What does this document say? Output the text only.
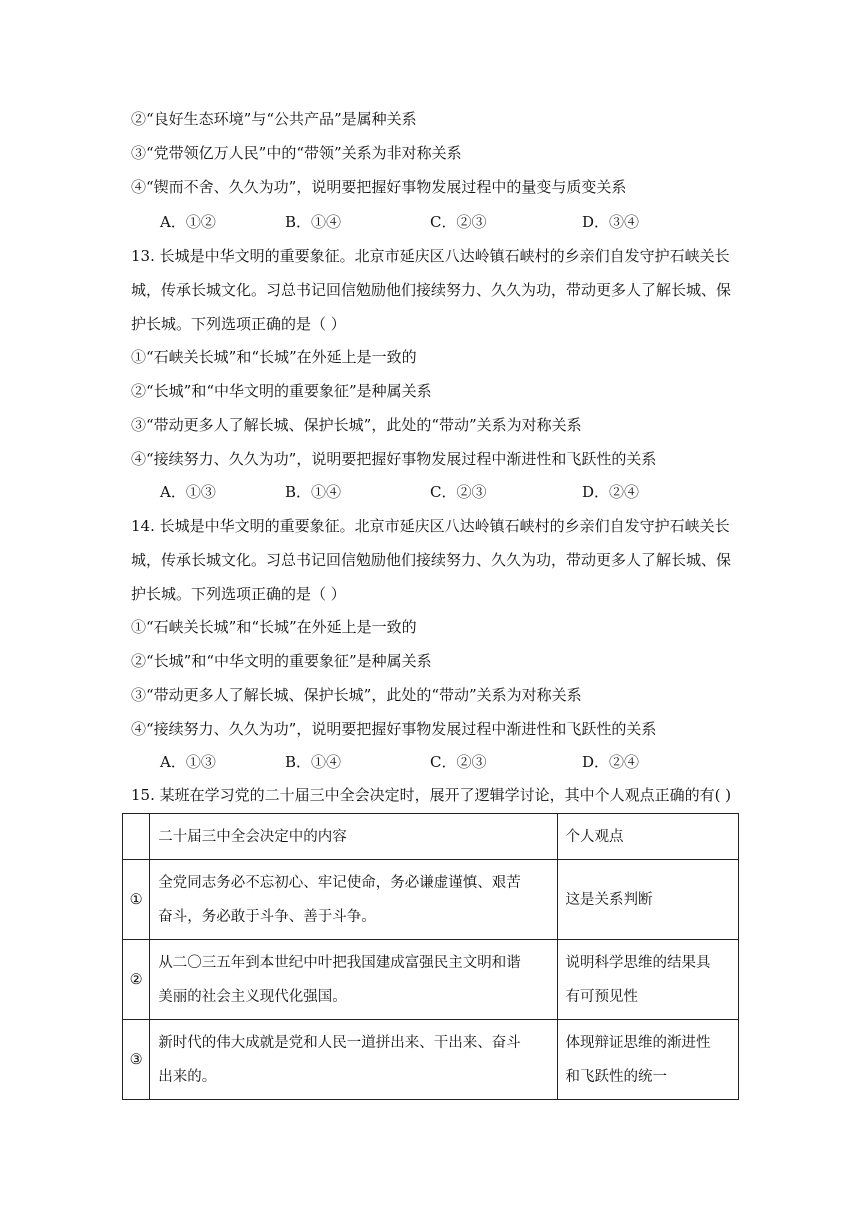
②“良好生态环境”与“公共产品”是属种关系
③“党带领亿万人民”中的“带领”关系为非对称关系
④“锲而不舍、久久为功”，说明要把握好事物发展过程中的量变与质变关系
A．①②	B．①④	C．②③	D．③④
13. 长城是中华文明的重要象征。北京市延庆区八达岭镇石峡村的乡亲们自发守护石峡关长
城，传承长城文化。习总书记回信勉励他们接续努力、久久为功，带动更多人了解长城、保
护长城。下列选项正确的是（ ）
①“石峡关长城”和“长城”在外延上是一致的
②“长城”和“中华文明的重要象征”是种属关系
③“带动更多人了解长城、保护长城”，此处的“带动”关系为对称关系
④“接续努力、久久为功”，说明要把握好事物发展过程中渐进性和飞跃性的关系
A．①③	B．①④	C．②③	D．②④
14. 长城是中华文明的重要象征。北京市延庆区八达岭镇石峡村的乡亲们自发守护石峡关长
城，传承长城文化。习总书记回信勉励他们接续努力、久久为功，带动更多人了解长城、保
护长城。下列选项正确的是（ ）
①“石峡关长城”和“长城”在外延上是一致的
②“长城”和“中华文明的重要象征”是种属关系
③“带动更多人了解长城、保护长城”，此处的“带动”关系为对称关系
④“接续努力、久久为功”，说明要把握好事物发展过程中渐进性和飞跃性的关系
A．①③	B．①④	C．②③	D．②④
15. 某班在学习党的二十届三中全会决定时，展开了逻辑学讨论，其中个人观点正确的有( )
	二十届三中全会决定中的内容	个人观点
①	全党同志务必不忘初心、牢记使命，务必谦虚谨慎、艰苦
奋斗，务必敢于斗争、善于斗争。	这是关系判断

②	从二〇三五年到本世纪中叶把我国建成富强民主文明和谐
美丽的社会主义现代化强国。	说明科学思维的结果具
有可预见性

③	新时代的伟大成就是党和人民一道拼出来、干出来、奋斗
出来的。	体现辩证思维的渐进性
和飞跃性的统一
